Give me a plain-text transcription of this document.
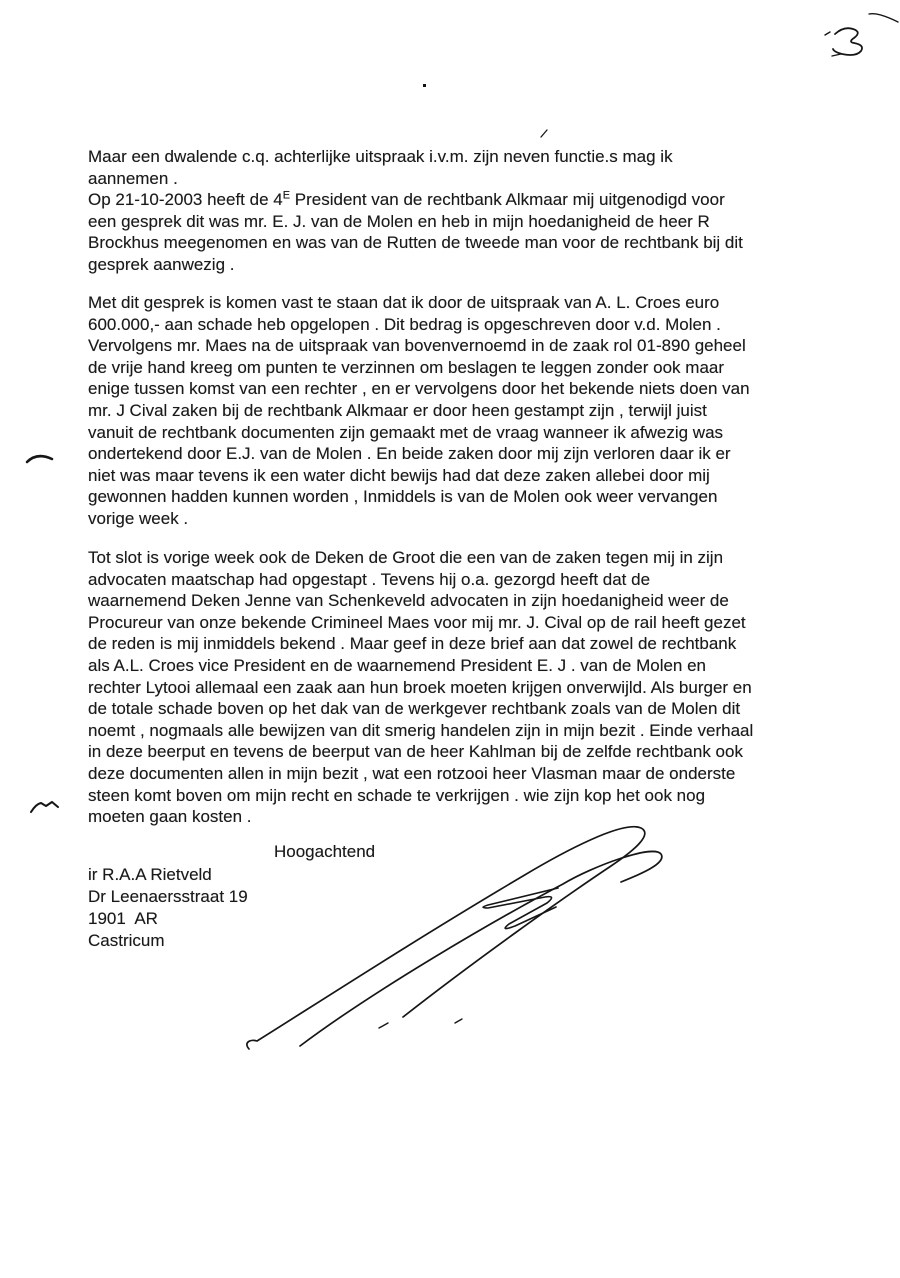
Maar een dwalende c.q. achterlijke uitspraak i.v.m. zijn neven functie.s mag ik
aannemen .
Op 21-10-2003 heeft de $4^E$ President van de rechtbank Alkmaar mij uitgenodigd voor
een gesprek dit was mr. E. J. van de Molen en heb in mijn hoedanigheid de heer R
Brockhus meegenomen en was van de Rutten de tweede man voor de rechtbank bij dit
gesprek aanwezig .
Met dit gesprek is komen vast te staan dat ik door de uitspraak van A. L. Croes euro
600.000,- aan schade heb opgelopen . Dit bedrag is opgeschreven door v.d. Molen .
Vervolgens mr. Maes na de uitspraak van bovenvernoemd in de zaak rol 01-890 geheel
de vrije hand kreeg om punten te verzinnen om beslagen te leggen zonder ook maar
enige tussen komst van een rechter , en er vervolgens door het bekende niets doen van
mr. J Cival zaken bij de rechtbank Alkmaar er door heen gestampt zijn , terwijl juist
vanuit de rechtbank documenten zijn gemaakt met de vraag wanneer ik afwezig was
ondertekend door E.J. van de Molen . En beide zaken door mij zijn verloren daar ik er
niet was maar tevens ik een water dicht bewijs had dat deze zaken allebei door mij
gewonnen hadden kunnen worden , Inmiddels is van de Molen ook weer vervangen
vorige week .
Tot slot is vorige week ook de Deken de Groot die een van de zaken tegen mij in zijn
advocaten maatschap had opgestapt . Tevens hij o.a. gezorgd heeft dat de
waarnemend Deken Jenne van Schenkeveld advocaten in zijn hoedanigheid weer de
Procureur van onze bekende Crimineel Maes voor mij mr. J. Cival op de rail heeft gezet
de reden is mij inmiddels bekend . Maar geef in deze brief aan dat zowel de rechtbank
als A.L. Croes vice President en de waarnemend President E. J . van de Molen en
rechter Lytooi allemaal een zaak aan hun broek moeten krijgen onverwijld. Als burger en
de totale schade boven op het dak van de werkgever rechtbank zoals van de Molen dit
noemt , nogmaals alle bewijzen van dit smerig handelen zijn in mijn bezit . Einde verhaal
in deze beerput en tevens de beerput van de heer Kahlman bij de zelfde rechtbank ook
deze documenten allen in mijn bezit , wat een rotzooi heer Vlasman maar de onderste
steen komt boven om mijn recht en schade te verkrijgen . wie zijn kop het ook nog
moeten gaan kosten .
Hoogachtend
ir R.A.A Rietveld
Dr Leenaersstraat 19
1901  AR
Castricum
